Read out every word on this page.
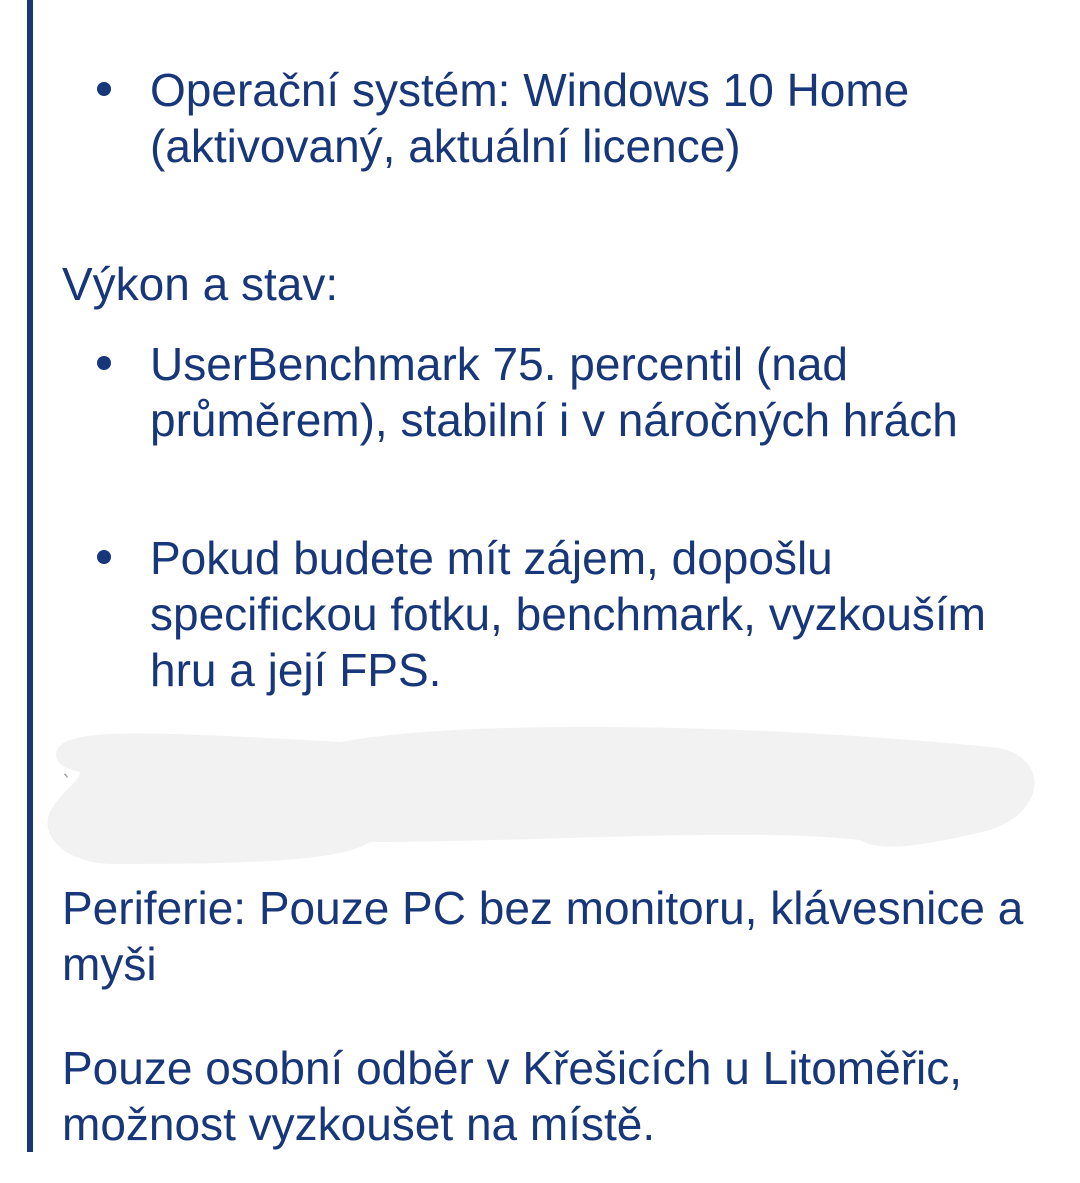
Operační systém: Windows 10 Home (aktivovaný, aktuální licence)
Výkon a stav:
UserBenchmark 75. percentil (nad průměrem), stabilní i v náročných hrách
Pokud budete mít zájem, dopošlu specifickou fotku, benchmark, vyzkouším hru a její FPS.
`
Periferie: Pouze PC bez monitoru, klávesnice a myši
Pouze osobní odběr v Křešicích u Litoměřic, možnost vyzkoušet na místě.
